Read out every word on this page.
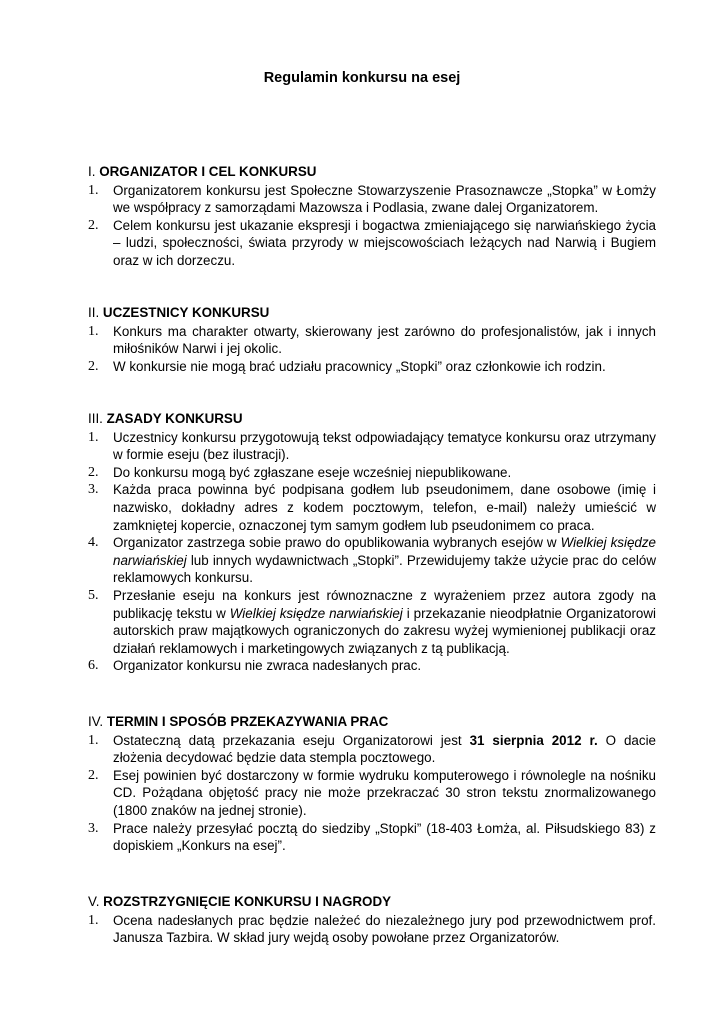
Regulamin konkursu na esej
I. ORGANIZATOR I CEL KONKURSU
1. Organizatorem konkursu jest Społeczne Stowarzyszenie Prasoznawcze „Stopka” w Łomży we współpracy z samorządami Mazowsza i Podlasia, zwane dalej Organizatorem.
2. Celem konkursu jest ukazanie ekspresji i bogactwa zmieniającego się narwiańskiego życia – ludzi, społeczności, świata przyrody w miejscowościach leżących nad Narwią i Bugiem oraz w ich dorzeczu.
II. UCZESTNICY KONKURSU
1. Konkurs ma charakter otwarty, skierowany jest zarówno do profesjonalistów, jak i innych miłośników Narwi i jej okolic.
2. W konkursie nie mogą brać udziału pracownicy „Stopki” oraz członkowie ich rodzin.
III. ZASADY KONKURSU
1. Uczestnicy konkursu przygotowują tekst odpowiadający tematyce konkursu oraz utrzymany w formie eseju (bez ilustracji).
2. Do konkursu mogą być zgłaszane eseje wcześniej niepublikowane.
3. Każda praca powinna być podpisana godłem lub pseudonimem, dane osobowe (imię i nazwisko, dokładny adres z kodem pocztowym, telefon, e-mail) należy umieścić w zamkniętej kopercie, oznaczonej tym samym godłem lub pseudonimem co praca.
4. Organizator zastrzega sobie prawo do opublikowania wybranych esejów w Wielkiej księdze narwiańskiej lub innych wydawnictwach „Stopki”. Przewidujemy także użycie prac do celów reklamowych konkursu.
5. Przesłanie eseju na konkurs jest równoznaczne z wyrażeniem przez autora zgody na publikację tekstu w Wielkiej księdze narwiańskiej i przekazanie nieodpłatnie Organizatorowi autorskich praw majątkowych ograniczonych do zakresu wyżej wymienionej publikacji oraz działań reklamowych i marketingowych związanych z tą publikacją.
6. Organizator konkursu nie zwraca nadesłanych prac.
IV. TERMIN I SPOSÓB PRZEKAZYWANIA PRAC
1. Ostateczną datą przekazania eseju Organizatorowi jest 31 sierpnia 2012 r. O dacie złożenia decydować będzie data stempla pocztowego.
2. Esej powinien być dostarczony w formie wydruku komputerowego i równolegle na nośniku CD. Pożądana objętość pracy nie może przekraczać 30 stron tekstu znormalizowanego (1800 znaków na jednej stronie).
3. Prace należy przesyłać pocztą do siedziby „Stopki” (18-403 Łomża, al. Piłsudskiego 83) z dopiskiem „Konkurs na esej”.
V. ROZSTRZYGNIĘCIE KONKURSU I NAGRODY
1. Ocena nadesłanych prac będzie należeć do niezależnego jury pod przewodnictwem prof. Janusza Tazbira. W skład jury wejdą osoby powołane przez Organizatorów.
